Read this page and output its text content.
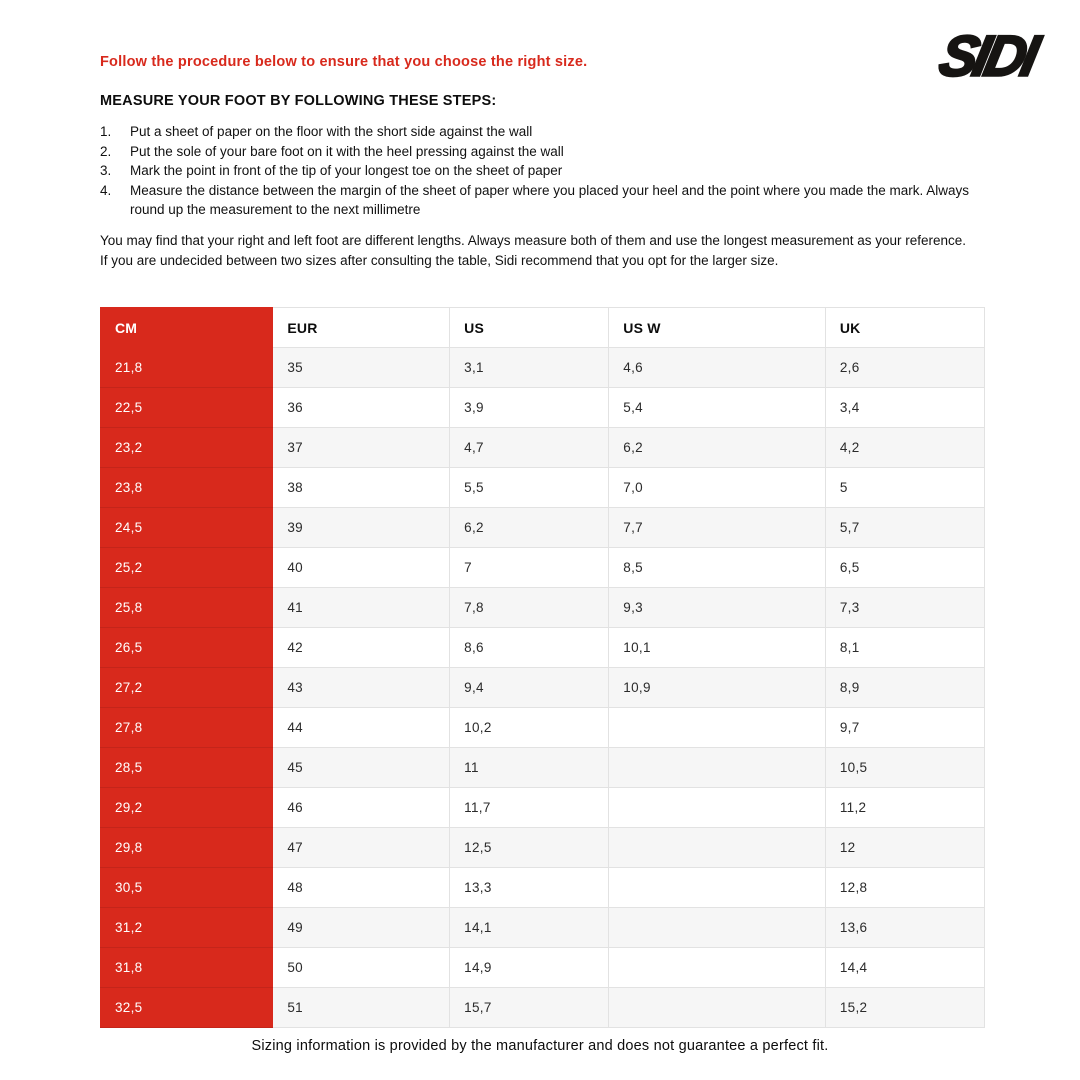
Follow the procedure below to ensure that you choose the right size.	SIDI
MEASURE YOUR FOOT BY FOLLOWING THESE STEPS:
1.	Put a sheet of paper on the floor with the short side against the wall
2.	Put the sole of your bare foot on it with the heel pressing against the wall
3.	Mark the point in front of the tip of your longest toe on the sheet of paper
4.	Measure the distance between the margin of the sheet of paper where you placed your heel and the point where you made the mark. Always round up the measurement to the next millimetre

You may find that your right and left foot are different lengths. Always measure both of them and use the longest measurement as your reference.

If you are undecided between two sizes after consulting the table, Sidi recommend that you opt for the larger size.

CM	EUR	US	US W	UK
21,8	35	3,1	4,6	2,6
22,5	36	3,9	5,4	3,4
23,2	37	4,7	6,2	4,2
23,8	38	5,5	7,0	5
24,5	39	6,2	7,7	5,7
25,2	40	7	8,5	6,5
25,8	41	7,8	9,3	7,3
26,5	42	8,6	10,1	8,1
27,2	43	9,4	10,9	8,9
27,8	44	10,2		9,7
28,5	45	11		10,5
29,2	46	11,7		11,2
29,8	47	12,5		12
30,5	48	13,3		12,8
31,2	49	14,1		13,6
31,8	50	14,9		14,4
32,5	51	15,7		15,2

Sizing information is provided by the manufacturer and does not guarantee a perfect fit.
